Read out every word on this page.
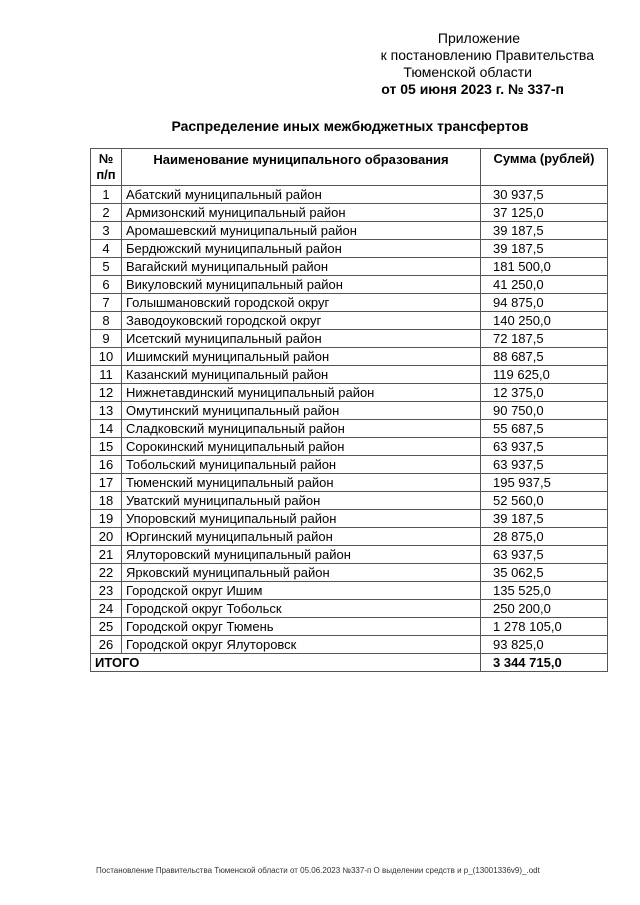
Приложение
к постановлению Правительства
Тюменской области
от 05 июня 2023 г. № 337-п
Распределение иных межбюджетных трансфертов
№ п/п	Наименование муниципального образования	Сумма (рублей)
1	Абатский муниципальный район	30 937,5
2	Армизонский муниципальный район	37 125,0
3	Аромашевский муниципальный район	39 187,5
4	Бердюжский муниципальный район	39 187,5
5	Вагайский муниципальный район	181 500,0
6	Викуловский муниципальный район	41 250,0
7	Голышмановский городской округ	94 875,0
8	Заводоуковский городской округ	140 250,0
9	Исетский муниципальный район	72 187,5
10	Ишимский муниципальный район	88 687,5
11	Казанский муниципальный район	119 625,0
12	Нижнетавдинский муниципальный район	12 375,0
13	Омутинский муниципальный район	90 750,0
14	Сладковский муниципальный район	55 687,5
15	Сорокинский муниципальный район	63 937,5
16	Тобольский муниципальный район	63 937,5
17	Тюменский муниципальный район	195 937,5
18	Уватский муниципальный район	52 560,0
19	Упоровский муниципальный район	39 187,5
20	Юргинский муниципальный район	28 875,0
21	Ялуторовский муниципальный район	63 937,5
22	Ярковский муниципальный район	35 062,5
23	Городской округ Ишим	135 525,0
24	Городской округ Тобольск	250 200,0
25	Городской округ Тюмень	1 278 105,0
26	Городской округ Ялуторовск	93 825,0
ИТОГО		3 344 715,0
Постановление Правительства Тюменской области от 05.06.2023 №337-п О выделении средств и р_(13001336v9)_.odt
